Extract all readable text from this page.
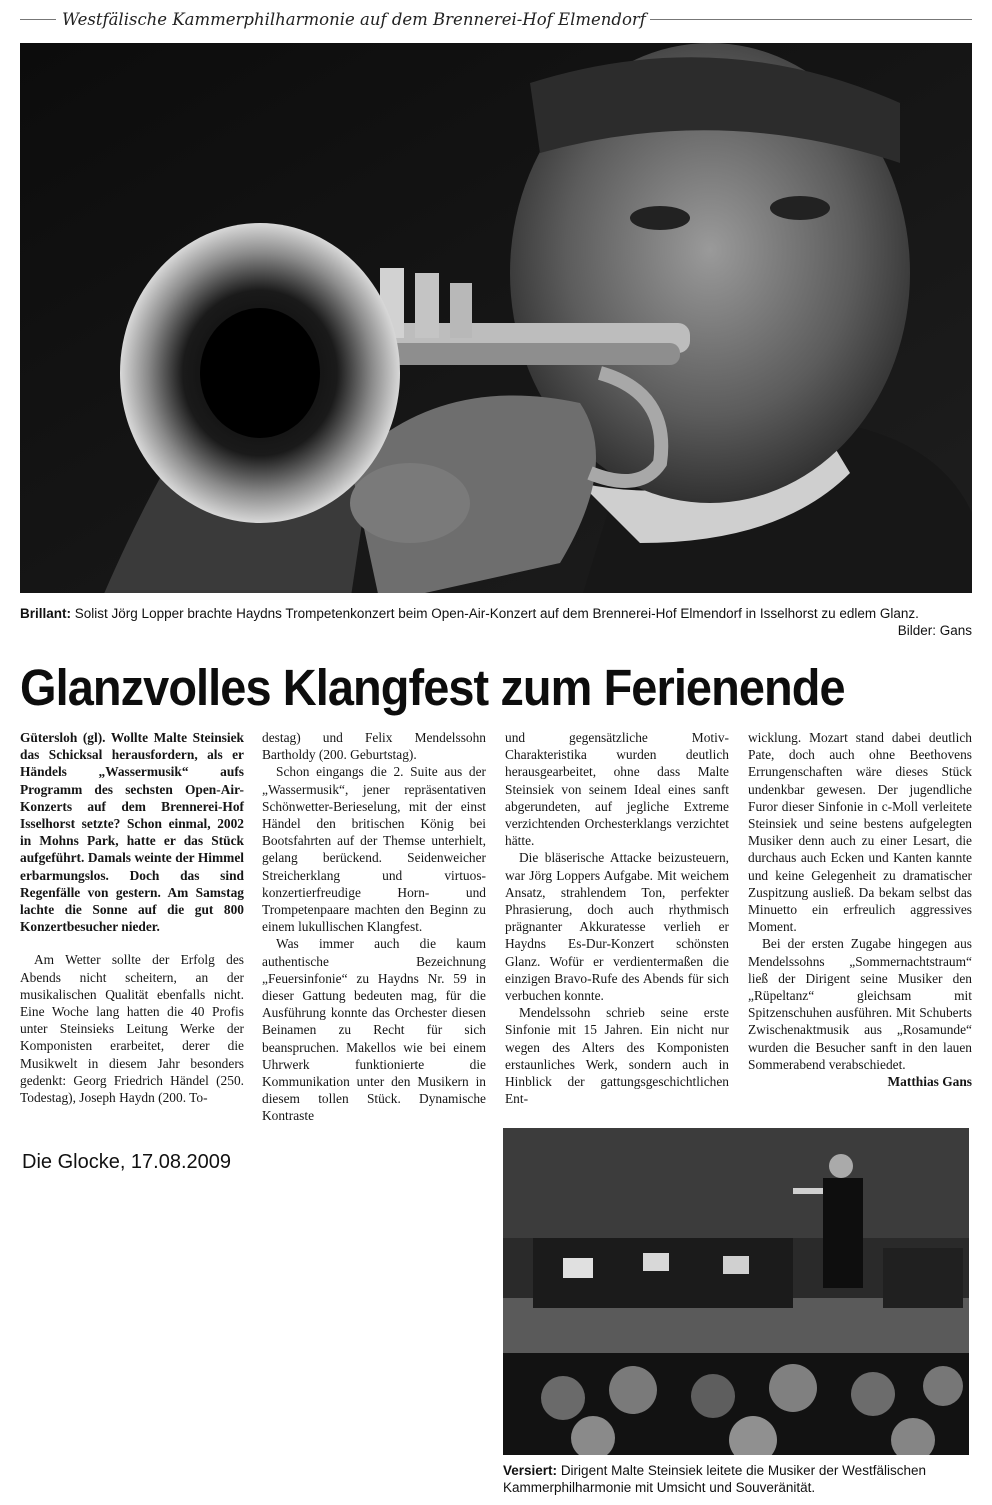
Westfälische Kammerphilharmonie auf dem Brennerei-Hof Elmendorf
Brillant: Solist Jörg Lopper brachte Haydns Trompetenkonzert beim Open-Air-Konzert auf dem Brennerei-Hof Elmendorf in Isselhorst zu edlem Glanz.
Bilder: Gans
Glanzvolles Klangfest zum Ferienende

Gütersloh (gl). Wollte Malte Steinsiek das Schicksal herausfordern, als er Händels „Wassermusik“ aufs Programm des sechsten Open-Air-Konzerts auf dem Brennerei-Hof Isselhorst setzte? Schon einmal, 2002 in Mohns Park, hatte er das Stück aufgeführt. Damals weinte der Himmel erbarmungslos. Doch das sind Regenfälle von gestern. Am Samstag lachte die Sonne auf die gut 800 Konzertbesucher nieder.

Am Wetter sollte der Erfolg des Abends nicht scheitern, an der musikalischen Qualität ebenfalls nicht. Eine Woche lang hatten die 40 Profis unter Steinsieks Leitung Werke der Komponisten erarbeitet, derer die Musikwelt in diesem Jahr besonders gedenkt: Georg Friedrich Händel (250. Todestag), Joseph Haydn (200. To-

destag) und Felix Mendelssohn Bartholdy (200. Geburtstag).

Schon eingangs die 2. Suite aus der „Wassermusik“, jener repräsentativen Schönwetter-Berieselung, mit der einst Händel den britischen König bei Bootsfahrten auf der Themse unterhielt, gelang berückend. Seidenweicher Streicherklang und virtuos-konzertierfreudige Horn- und Trompetenpaare machten den Beginn zu einem lukullischen Klangfest.

Was immer auch die kaum authentische Bezeichnung „Feuersinfonie“ zu Haydns Nr. 59 in dieser Gattung bedeuten mag, für die Ausführung konnte das Orchester diesen Beinamen zu Recht für sich beanspruchen. Makellos wie bei einem Uhrwerk funktionierte die Kommunikation unter den Musikern in diesem tollen Stück. Dynamische Kontraste

und gegensätzliche Motiv-Charakteristika wurden deutlich herausgearbeitet, ohne dass Malte Steinsiek von seinem Ideal eines sanft abgerundeten, auf jegliche Extreme verzichtenden Orchesterklangs verzichtet hätte.

Die bläserische Attacke beizusteuern, war Jörg Loppers Aufgabe. Mit weichem Ansatz, strahlendem Ton, perfekter Phrasierung, doch auch rhythmisch prägnanter Akkuratesse verlieh er Haydns Es-Dur-Konzert schönsten Glanz. Wofür er verdientermaßen die einzigen Bravo-Rufe des Abends für sich verbuchen konnte.

Mendelssohn schrieb seine erste Sinfonie mit 15 Jahren. Ein nicht nur wegen des Alters des Komponisten erstaunliches Werk, sondern auch in Hinblick der gattungsgeschichtlichen Ent-

wicklung. Mozart stand dabei deutlich Pate, doch auch ohne Beethovens Errungenschaften wäre dieses Stück undenkbar gewesen. Der jugendliche Furor dieser Sinfonie in c-Moll verleitete Steinsiek und seine bestens aufgelegten Musiker denn auch zu einer Lesart, die durchaus auch Ecken und Kanten kannte und keine Gelegenheit zu dramatischer Zuspitzung ausließ. Da bekam selbst das Minuetto ein erfreulich aggressives Moment.

Bei der ersten Zugabe hingegen aus Mendelssohns „Sommernachtstraum“ ließ der Dirigent seine Musiker den „Rüpeltanz“ gleichsam mit Spitzenschuhen ausführen. Mit Schuberts Zwischenaktmusik aus „Rosamunde“ wurden die Besucher sanft in den lauen Sommerabend verabschiedet.

Matthias Gans
Die Glocke, 17.08.2009
Versiert: Dirigent Malte Steinsiek leitete die Musiker der Westfälischen Kammerphilharmonie mit Umsicht und Souveränität.
